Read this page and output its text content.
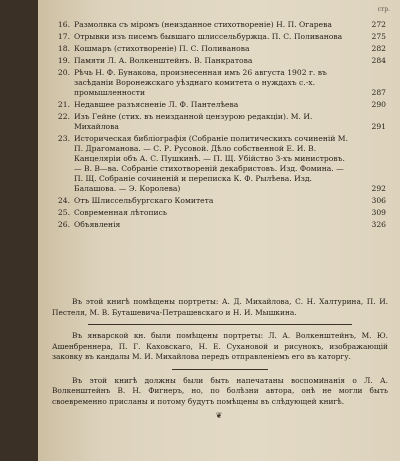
стр.
16. Размолвка съ міромъ (неизданное стихотвореніе) Н. П. Огарева	272
17. Отрывки изъ писемъ бывшаго шлиссельбуржца. П. С. Поливанова	275
18. Кошмаръ (стихотвореніе) П. С. Поливанова	282
19. Памяти Л. А. Волкенштейнъ. В. Панкратова	284
20. Рѣчь Н. Ф. Бунакова, произнесенная имъ 26 августа 1902 г. въ засѣданіи Воронежскаго уѣзднаго комитета о нуждахъ с.-х. промышленности	287
21. Недавшее разъясненіе Л. Ф. Пантелѣева	290
22. Изъ Гейне (стих. въ неизданной цензурою редакціи). М. И. Михайлова	291
23. Историческая библіографія (Собраніе политическихъ сочиненій М. П. Драгоманова. — С. Р. Русовой. Дѣло собственной Е. И. В. Канцеляріи объ А. С. Пушкинѣ. — П. Щ. Убійство 3-хъ министровъ. — В. В—ва. Собраніе стихотвореній декабристовъ. Изд. Фомина. — П. Щ. Собраніе сочиненій и переписка К. Ф. Рылѣева. Изд. Балашова. — Э. Королева)	292
24. Отъ Шлиссельбургскаго Комитета	306
25. Современная лѣтопись	309
26. Объявленія	326

Въ этой книгѣ помѣщены портреты: А. Д. Михайлова, С. Н. Халтурина, П. И. Пестеля, М. В. Буташевича-Петрашевскаго и Н. И. Мышкина.

Въ январской кн. были помѣщены портреты: Л. А. Волкенштейнъ, М. Ю. Ашенбреннера, П. Г. Каховскаго, Н. Е. Сухановой и рисунокъ, изображающій заковку въ кандалы М. И. Михайлова передъ отправленіемъ его въ каторгу.

Въ этой книгѣ должны были быть напечатаны воспоминанія о Л. А. Волкенштейнъ В. Н. Фигнеръ, но, по болѣзни автора, онѣ не могли быть своевременно присланы и потому будутъ помѣщены въ слѣдующей книгѣ.

❦
